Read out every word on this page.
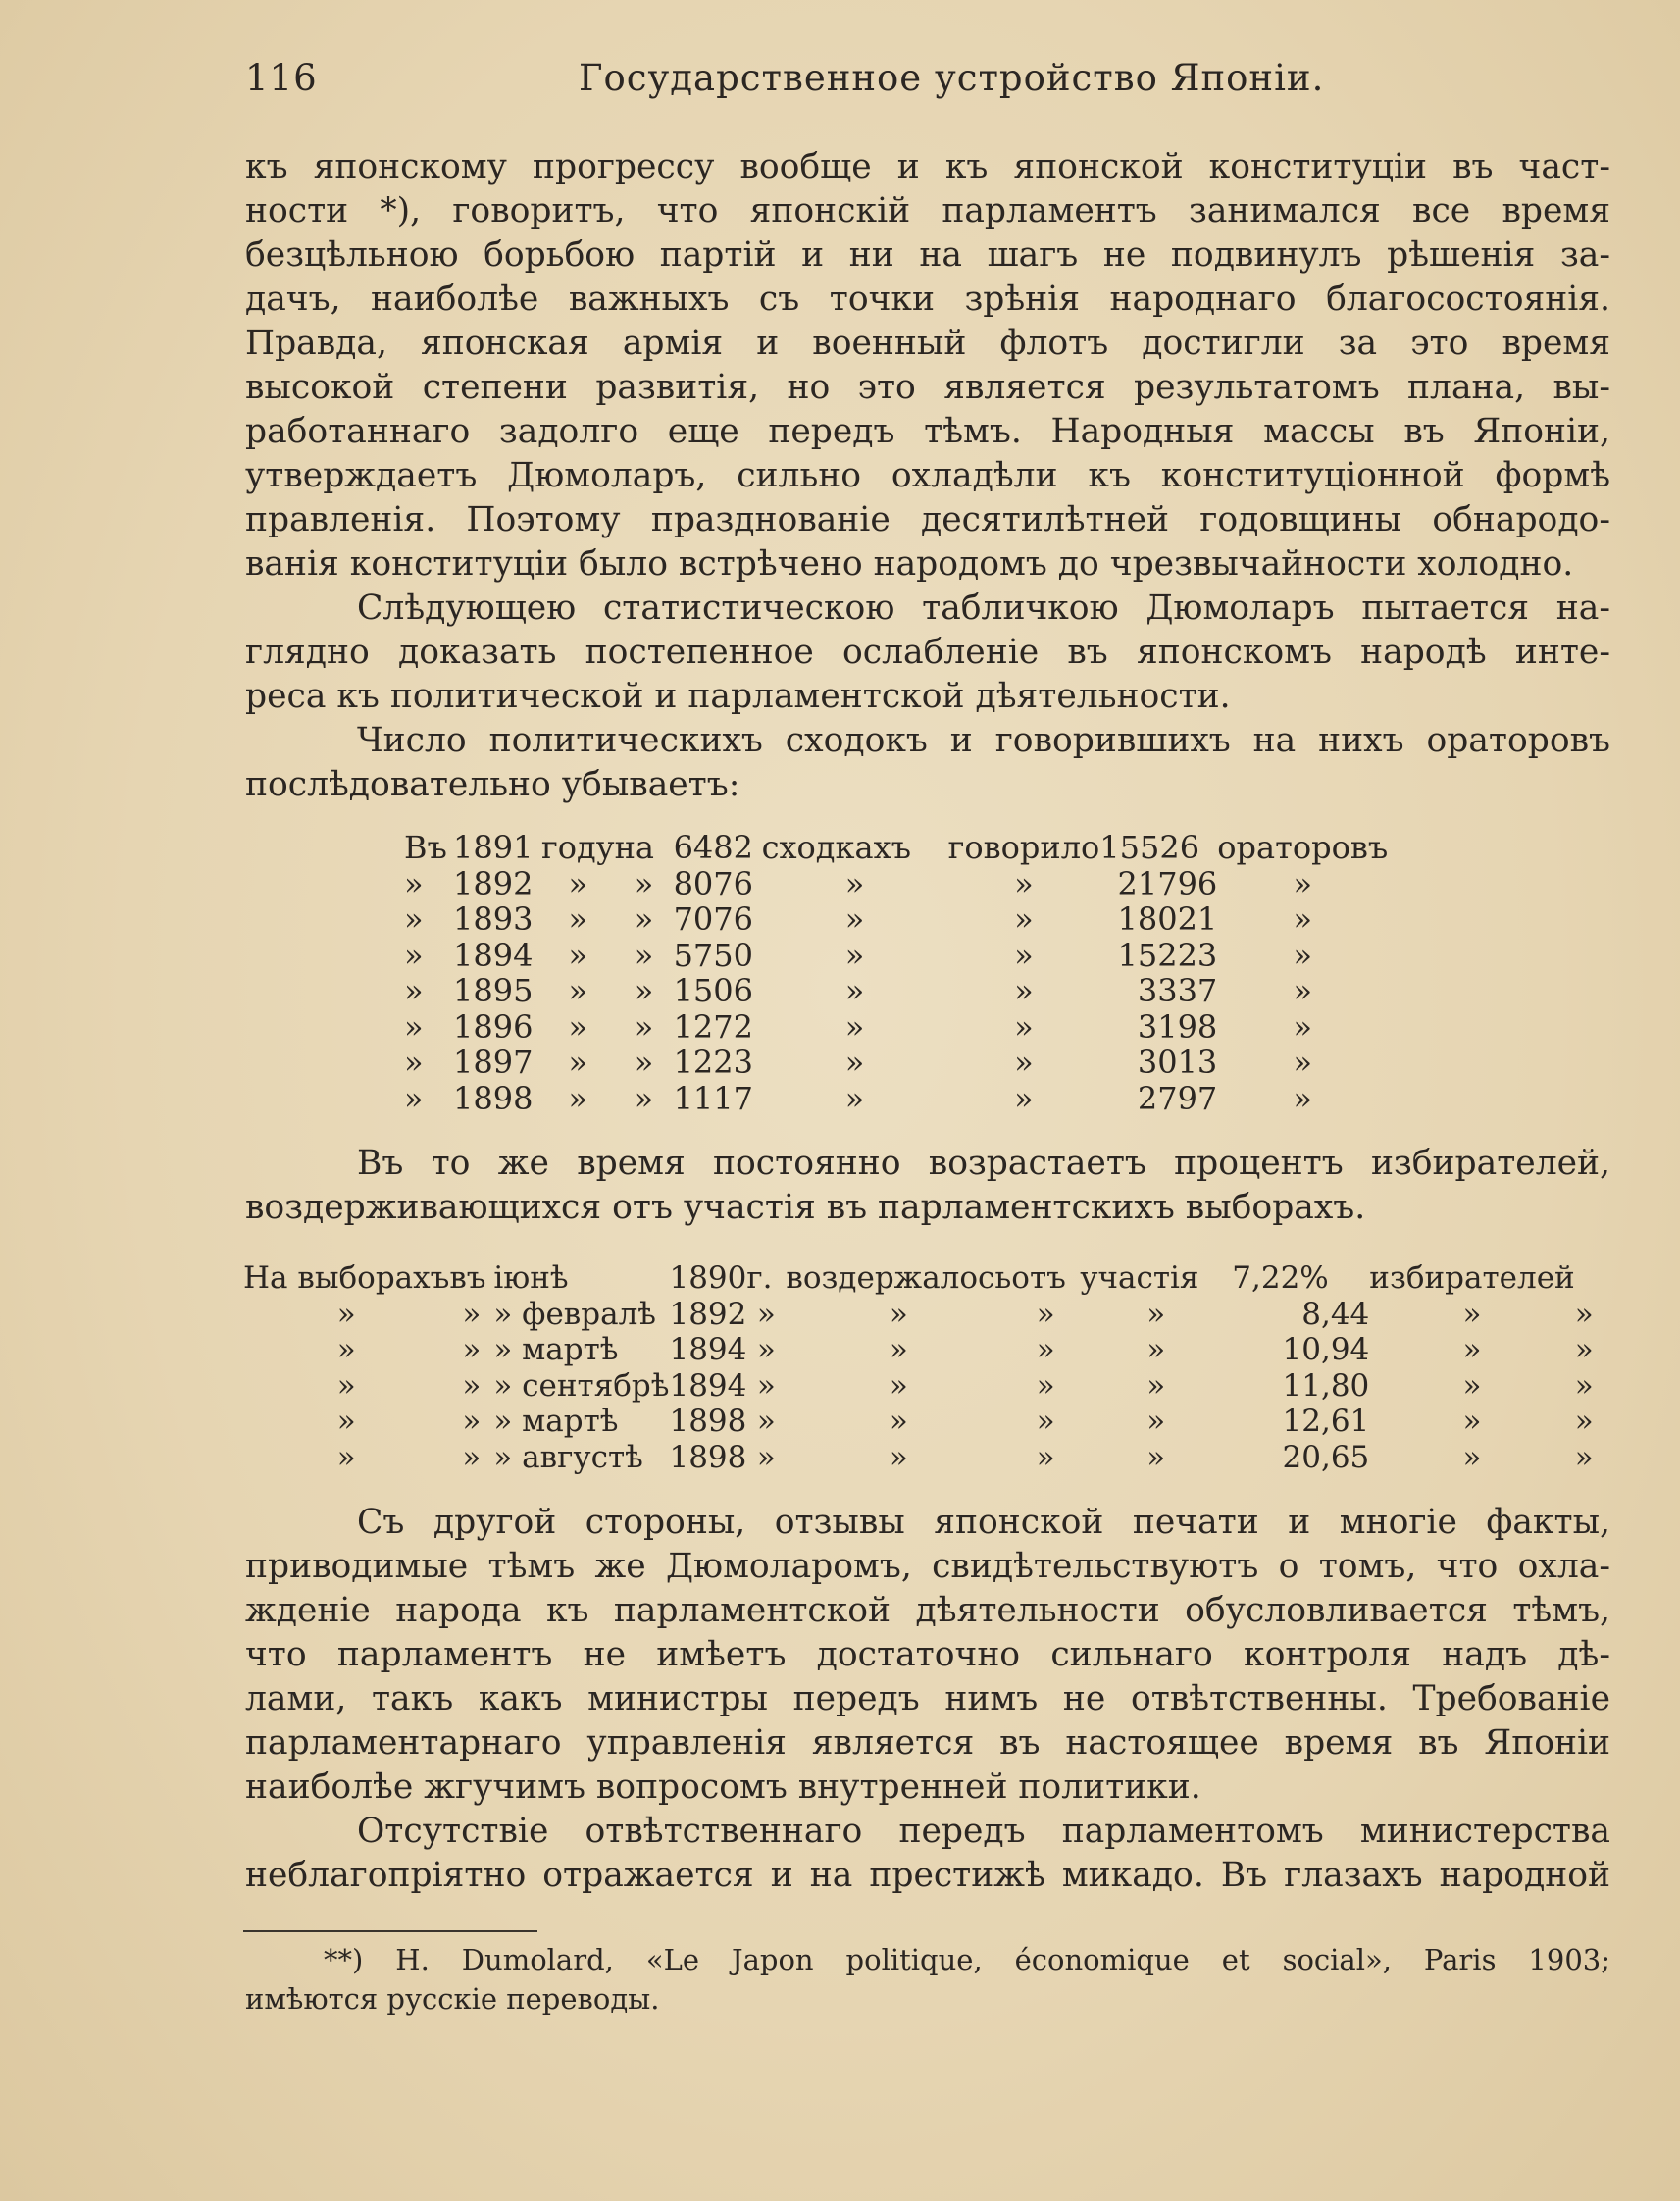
116	Государственное устройство Японіи.

къ японскому прогрессу вообще и къ японской конституціи въ част-
ности *), говоритъ, что японскій парламентъ занимался все время
безцѣльною борьбою партій и ни на шагъ не подвинулъ рѣшенія за-
дачъ, наиболѣе важныхъ съ точки зрѣнія народнаго благосостоянія.
Правда, японская армія и военный флотъ достигли за это время
высокой степени развитія, но это является результатомъ плана, вы-
работаннаго задолго еще передъ тѣмъ. Народныя массы въ Японіи,
утверждаетъ Дюмоларъ, сильно охладѣли къ конституціонной формѣ
правленія. Поэтому празднованіе десятилѣтней годовщины обнародо-
ванія конституціи было встрѣчено народомъ до чрезвычайности холодно.

Слѣдующею статистическою табличкою Дюмоларъ пытается на-
глядно доказать постепенное ослабленіе въ японскомъ народѣ инте-
реса къ политической и парламентской дѣятельности.

Число политическихъ сходокъ и говорившихъ на нихъ ораторовъ
послѣдовательно убываетъ:

Въ	1891	году	на	6482	сходкахъ	говорило	15526	ораторовъ
»	1892	»	»	8076	»	»	21796	»
»	1893	»	»	7076	»	»	18021	»
»	1894	»	»	5750	»	»	15223	»
»	1895	»	»	1506	»	»	3337	»
»	1896	»	»	1272	»	»	3198	»
»	1897	»	»	1223	»	»	3013	»
»	1898	»	»	1117	»	»	2797	»
Въ то же время постоянно возрастаетъ процентъ избирателей,
воздерживающихся отъ участія въ парламентскихъ выборахъ.
На выборахъ	въ	іюнѣ	1890	г.	воздержалось	отъ	участія	7,22%	избирателей	
»	»	» февралѣ	1892	»	»	»	»	8,44	»	»
»	»	» мартѣ	1894	»	»	»	»	10,94	»	»
»	»	» сентябрѣ	1894	»	»	»	»	11,80	»	»
»	»	» мартѣ	1898	»	»	»	»	12,61	»	»
»	»	» августѣ	1898	»	»	»	»	20,65	»	»
Съ другой стороны, отзывы японской печати и многіе факты,
приводимые тѣмъ же Дюмоларомъ, свидѣтельствуютъ о томъ, что охла-
жденіе народа къ парламентской дѣятельности обусловливается тѣмъ,
что парламентъ не имѣетъ достаточно сильнаго контроля надъ дѣ-
лами, такъ какъ министры передъ нимъ не отвѣтственны. Требованіе
парламентарнаго управленія является въ настоящее время въ Японіи
наиболѣе жгучимъ вопросомъ внутренней политики.
Отсутствіе отвѣтственнаго передъ парламентомъ министерства
неблагопріятно отражается и на престижѣ микадо. Въ глазахъ народной
**) H. Dumolard, «Le Japon politique, économique et social», Paris 1903;
имѣются русскіе переводы.
